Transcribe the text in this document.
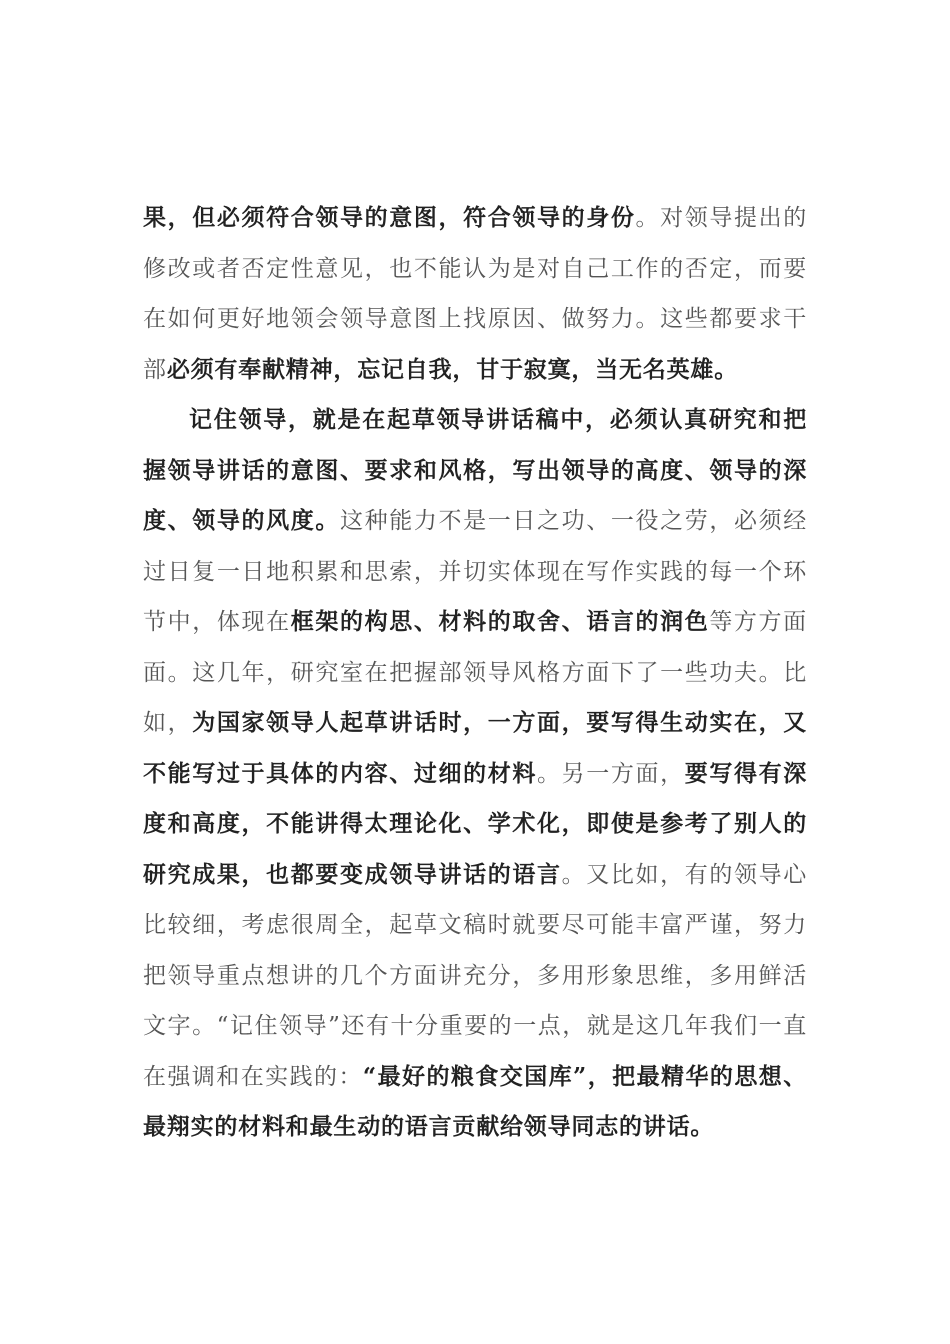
果，但必须符合领导的意图，符合领导的身份。对领导提出的修改或者否定性意见，也不能认为是对自己工作的否定，而要在如何更好地领会领导意图上找原因、做努力。这些都要求干部必须有奉献精神，忘记自我，甘于寂寞，当无名英雄。

记住领导，就是在起草领导讲话稿中，必须认真研究和把握领导讲话的意图、要求和风格，写出领导的高度、领导的深度、领导的风度。这种能力不是一日之功、一役之劳，必须经过日复一日地积累和思索，并切实体现在写作实践的每一个环节中，体现在框架的构思、材料的取舍、语言的润色等方方面面。这几年，研究室在把握部领导风格方面下了一些功夫。比如，为国家领导人起草讲话时，一方面，要写得生动实在，又不能写过于具体的内容、过细的材料。另一方面，要写得有深度和高度，不能讲得太理论化、学术化，即使是参考了别人的研究成果，也都要变成领导讲话的语言。又比如，有的领导心比较细，考虑很周全，起草文稿时就要尽可能丰富严谨，努力把领导重点想讲的几个方面讲充分，多用形象思维，多用鲜活文字。“记住领导”还有十分重要的一点，就是这几年我们一直在强调和在实践的：“最好的粮食交国库”，把最精华的思想、最翔实的材料和最生动的语言贡献给领导同志的讲话。
